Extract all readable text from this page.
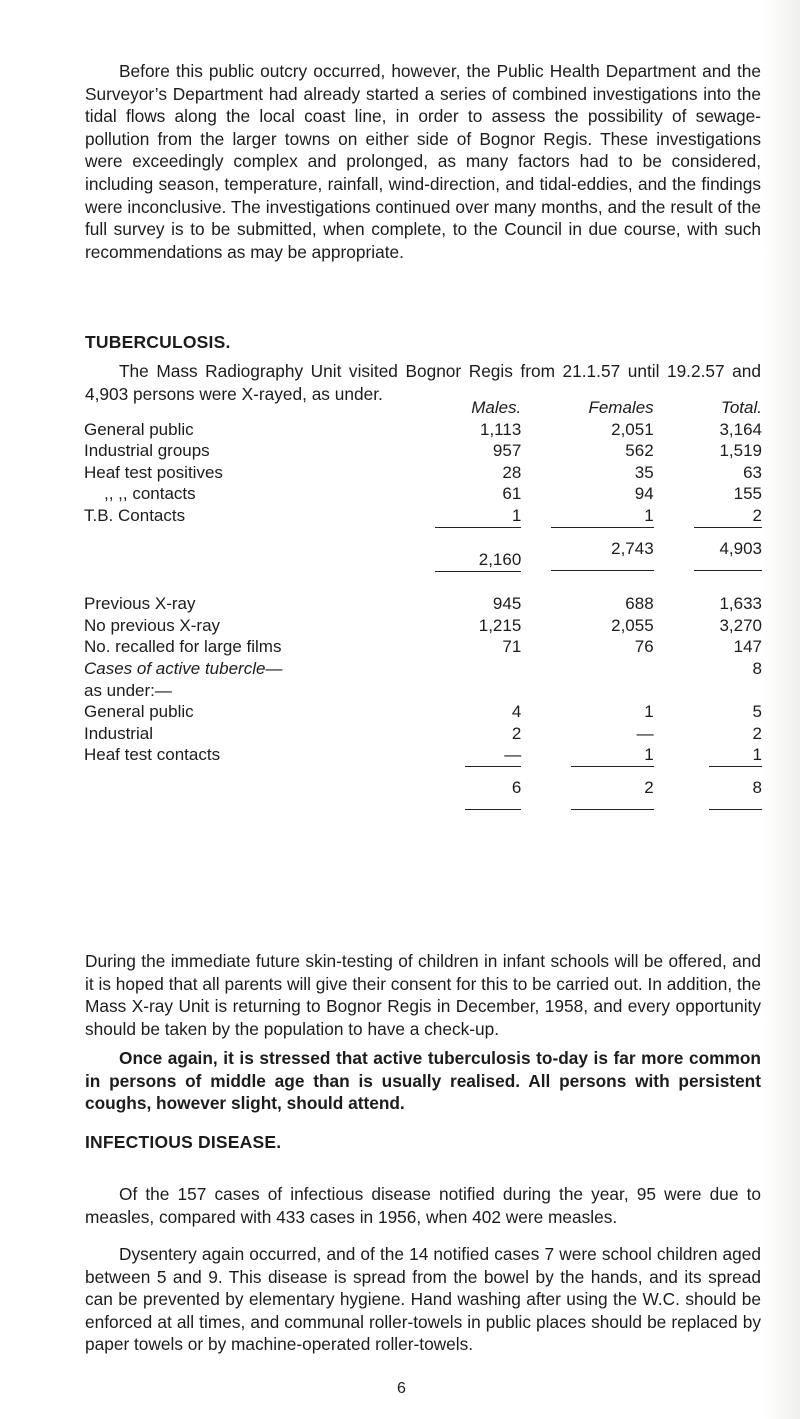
Before this public outcry occurred, however, the Public Health Department and the Surveyor’s Department had already started a series of combined investigations into the tidal flows along the local coast line, in order to assess the possibility of sewage-pollution from the larger towns on either side of Bognor Regis. These investigations were exceedingly complex and prolonged, as many factors had to be considered, including season, temperature, rainfall, wind-direction, and tidal-eddies, and the findings were inconclusive. The investigations continued over many months, and the result of the full survey is to be submitted, when complete, to the Council in due course, with such recommendations as may be appropriate.

TUBERCULOSIS.

The Mass Radiography Unit visited Bognor Regis from 21.1.57 until 19.2.57 and 4,903 persons were X-rayed, as under.

	Males.	Females	Total.
General public	1,113	2,051	3,164
Industrial groups	957	562	1,519
Heaf test positives	28	35	63
,, ,, contacts	61	94	155
T.B. Contacts	1	1	2
	2,160	2,743	4,903

Previous X-ray	945	688	1,633
No previous X-ray	1,215	2,055	3,270
No. recalled for large films	71	76	147
Cases of active tubercle—			8
as under:—			
General public	4	1	5
Industrial	2	—	2
Heaf test contacts	—	1	1

	6	2	8

During the immediate future skin-testing of children in infant schools will be offered, and it is hoped that all parents will give their consent for this to be carried out. In addition, the Mass X-ray Unit is returning to Bognor Regis in December, 1958, and every opportunity should be taken by the population to have a check-up.

Once again, it is stressed that active tuberculosis to-day is far more common in persons of middle age than is usually realised. All persons with persistent coughs, however slight, should attend.

INFECTIOUS DISEASE.

Of the 157 cases of infectious disease notified during the year, 95 were due to measles, compared with 433 cases in 1956, when 402 were measles.

Dysentery again occurred, and of the 14 notified cases 7 were school children aged between 5 and 9. This disease is spread from the bowel by the hands, and its spread can be prevented by elementary hygiene. Hand washing after using the W.C. should be enforced at all times, and communal roller-towels in public places should be replaced by paper towels or by machine-operated roller-towels.

6
